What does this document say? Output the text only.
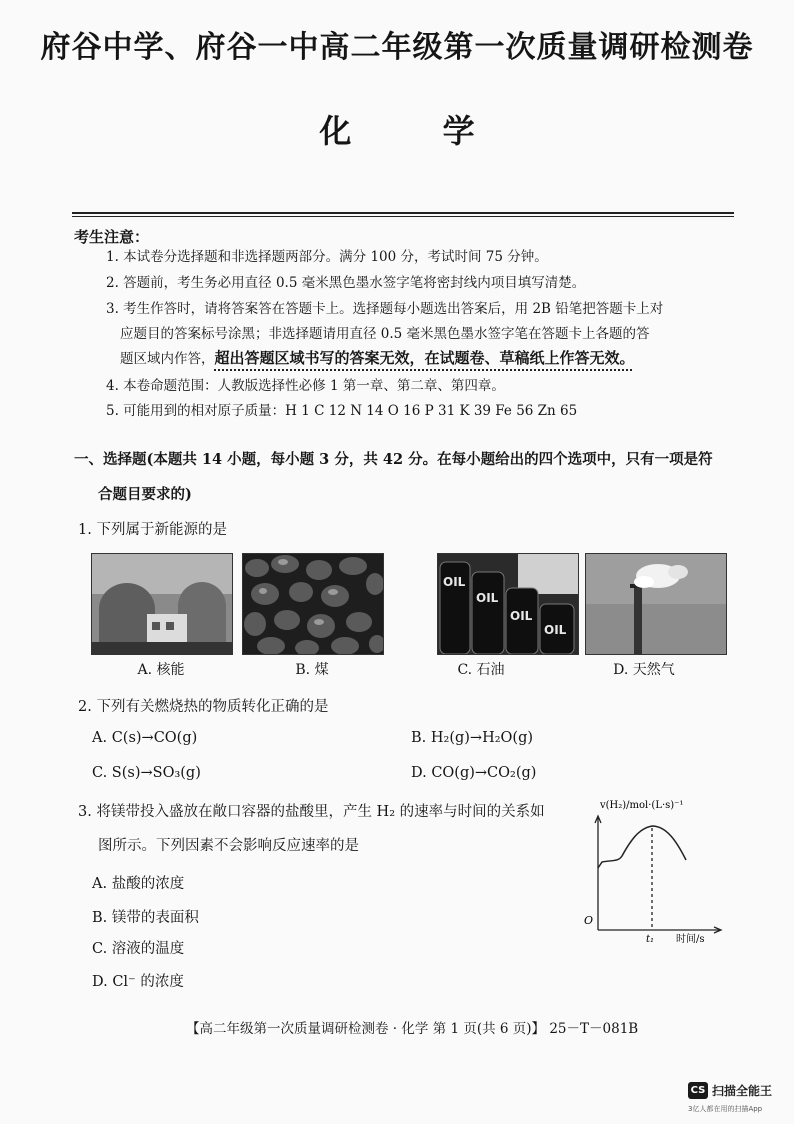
府谷中学、府谷一中高二年级第一次质量调研检测卷
化 学
考生注意：
1. 本试卷分选择题和非选择题两部分。满分 100 分，考试时间 75 分钟。
2. 答题前，考生务必用直径 0.5 毫米黑色墨水签字笔将密封线内项目填写清楚。
3. 考生作答时，请将答案答在答题卡上。选择题每小题选出答案后，用 2B 铅笔把答题卡上对
应题目的答案标号涂黑；非选择题请用直径 0.5 毫米黑色墨水签字笔在答题卡上各题的答
题区域内作答，超出答题区域书写的答案无效，在试题卷、草稿纸上作答无效。
4. 本卷命题范围：人教版选择性必修 1 第一章、第二章、第四章。
5. 可能用到的相对原子质量：H 1 C 12 N 14 O 16 P 31 K 39 Fe 56 Zn 65
一、选择题(本题共 14 小题，每小题 3 分，共 42 分。在每小题给出的四个选项中，只有一项是符
合题目要求的)
1. 下列属于新能源的是
OIL
OIL
OIL
OIL
A. 核能	B. 煤	C. 石油	D. 天然气
2. 下列有关燃烧热的物质转化正确的是
A. C(s)→CO(g)	B. H₂(g)→H₂O(g)
C. S(s)→SO₃(g)	D. CO(g)→CO₂(g)
3. 将镁带投入盛放在敞口容器的盐酸里，产生 H₂ 的速率与时间的关系如
图所示。下列因素不会影响反应速率的是
A. 盐酸的浓度
B. 镁带的表面积
C. 溶液的温度
D. Cl⁻ 的浓度
v(H₂)/mol·(L·s)⁻¹
时间/s
O
t₁
【高二年级第一次质量调研检测卷 · 化学 第 1 页(共 6 页)】 25－T－081B
CS 扫描全能王
3亿人都在用的扫描App
